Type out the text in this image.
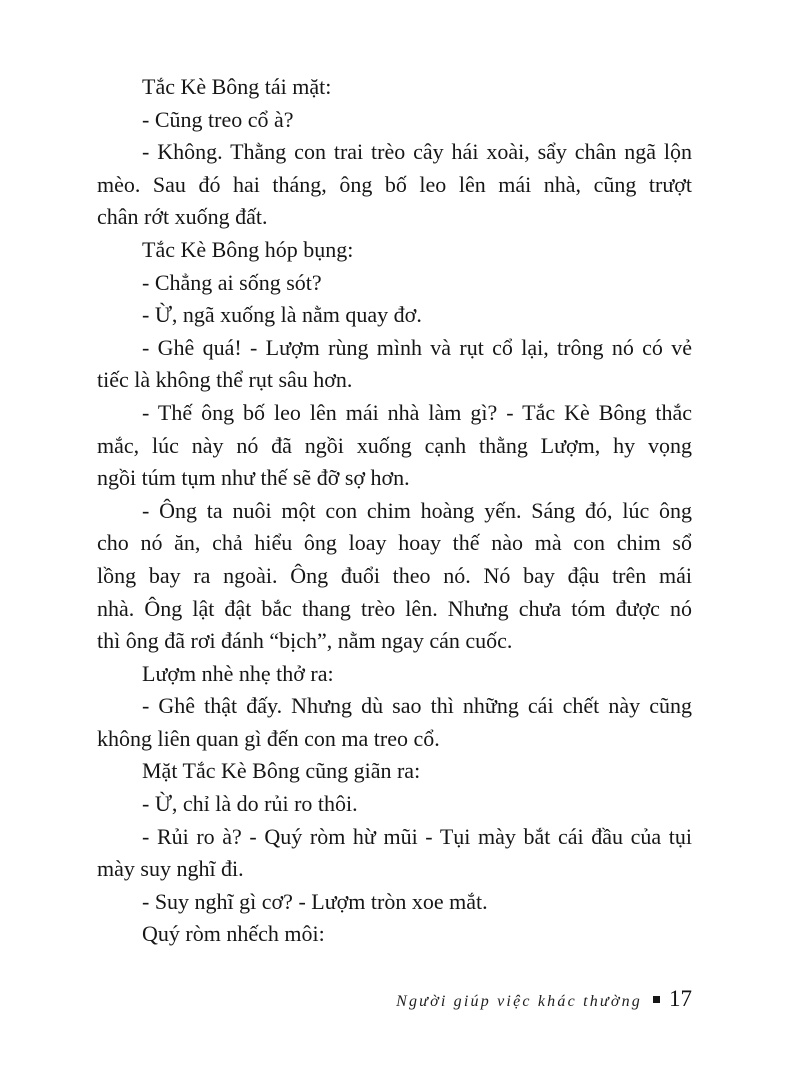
Tắc Kè Bông tái mặt:
- Cũng treo cổ à?
- Không. Thằng con trai trèo cây hái xoài, sẩy chân ngã lộn
mèo. Sau đó hai tháng, ông bố leo lên mái nhà, cũng trượt
chân rớt xuống đất.
Tắc Kè Bông hóp bụng:
- Chẳng ai sống sót?
- Ừ, ngã xuống là nằm quay đơ.
- Ghê quá! - Lượm rùng mình và rụt cổ lại, trông nó có vẻ
tiếc là không thể rụt sâu hơn.
- Thế ông bố leo lên mái nhà làm gì? - Tắc Kè Bông thắc
mắc, lúc này nó đã ngồi xuống cạnh thằng Lượm, hy vọng
ngồi túm tụm như thế sẽ đỡ sợ hơn.
- Ông ta nuôi một con chim hoàng yến. Sáng đó, lúc ông
cho nó ăn, chả hiểu ông loay hoay thế nào mà con chim sổ
lồng bay ra ngoài. Ông đuổi theo nó. Nó bay đậu trên mái
nhà. Ông lật đật bắc thang trèo lên. Nhưng chưa tóm được nó
thì ông đã rơi đánh “bịch”, nằm ngay cán cuốc.
Lượm nhè nhẹ thở ra:
- Ghê thật đấy. Nhưng dù sao thì những cái chết này cũng
không liên quan gì đến con ma treo cổ.
Mặt Tắc Kè Bông cũng giãn ra:
- Ừ, chỉ là do rủi ro thôi.
- Rủi ro à? - Quý ròm hừ mũi - Tụi mày bắt cái đầu của tụi
mày suy nghĩ đi.
- Suy nghĩ gì cơ? - Lượm tròn xoe mắt.
Quý ròm nhếch môi:
Người giúp việc khác thường 17
